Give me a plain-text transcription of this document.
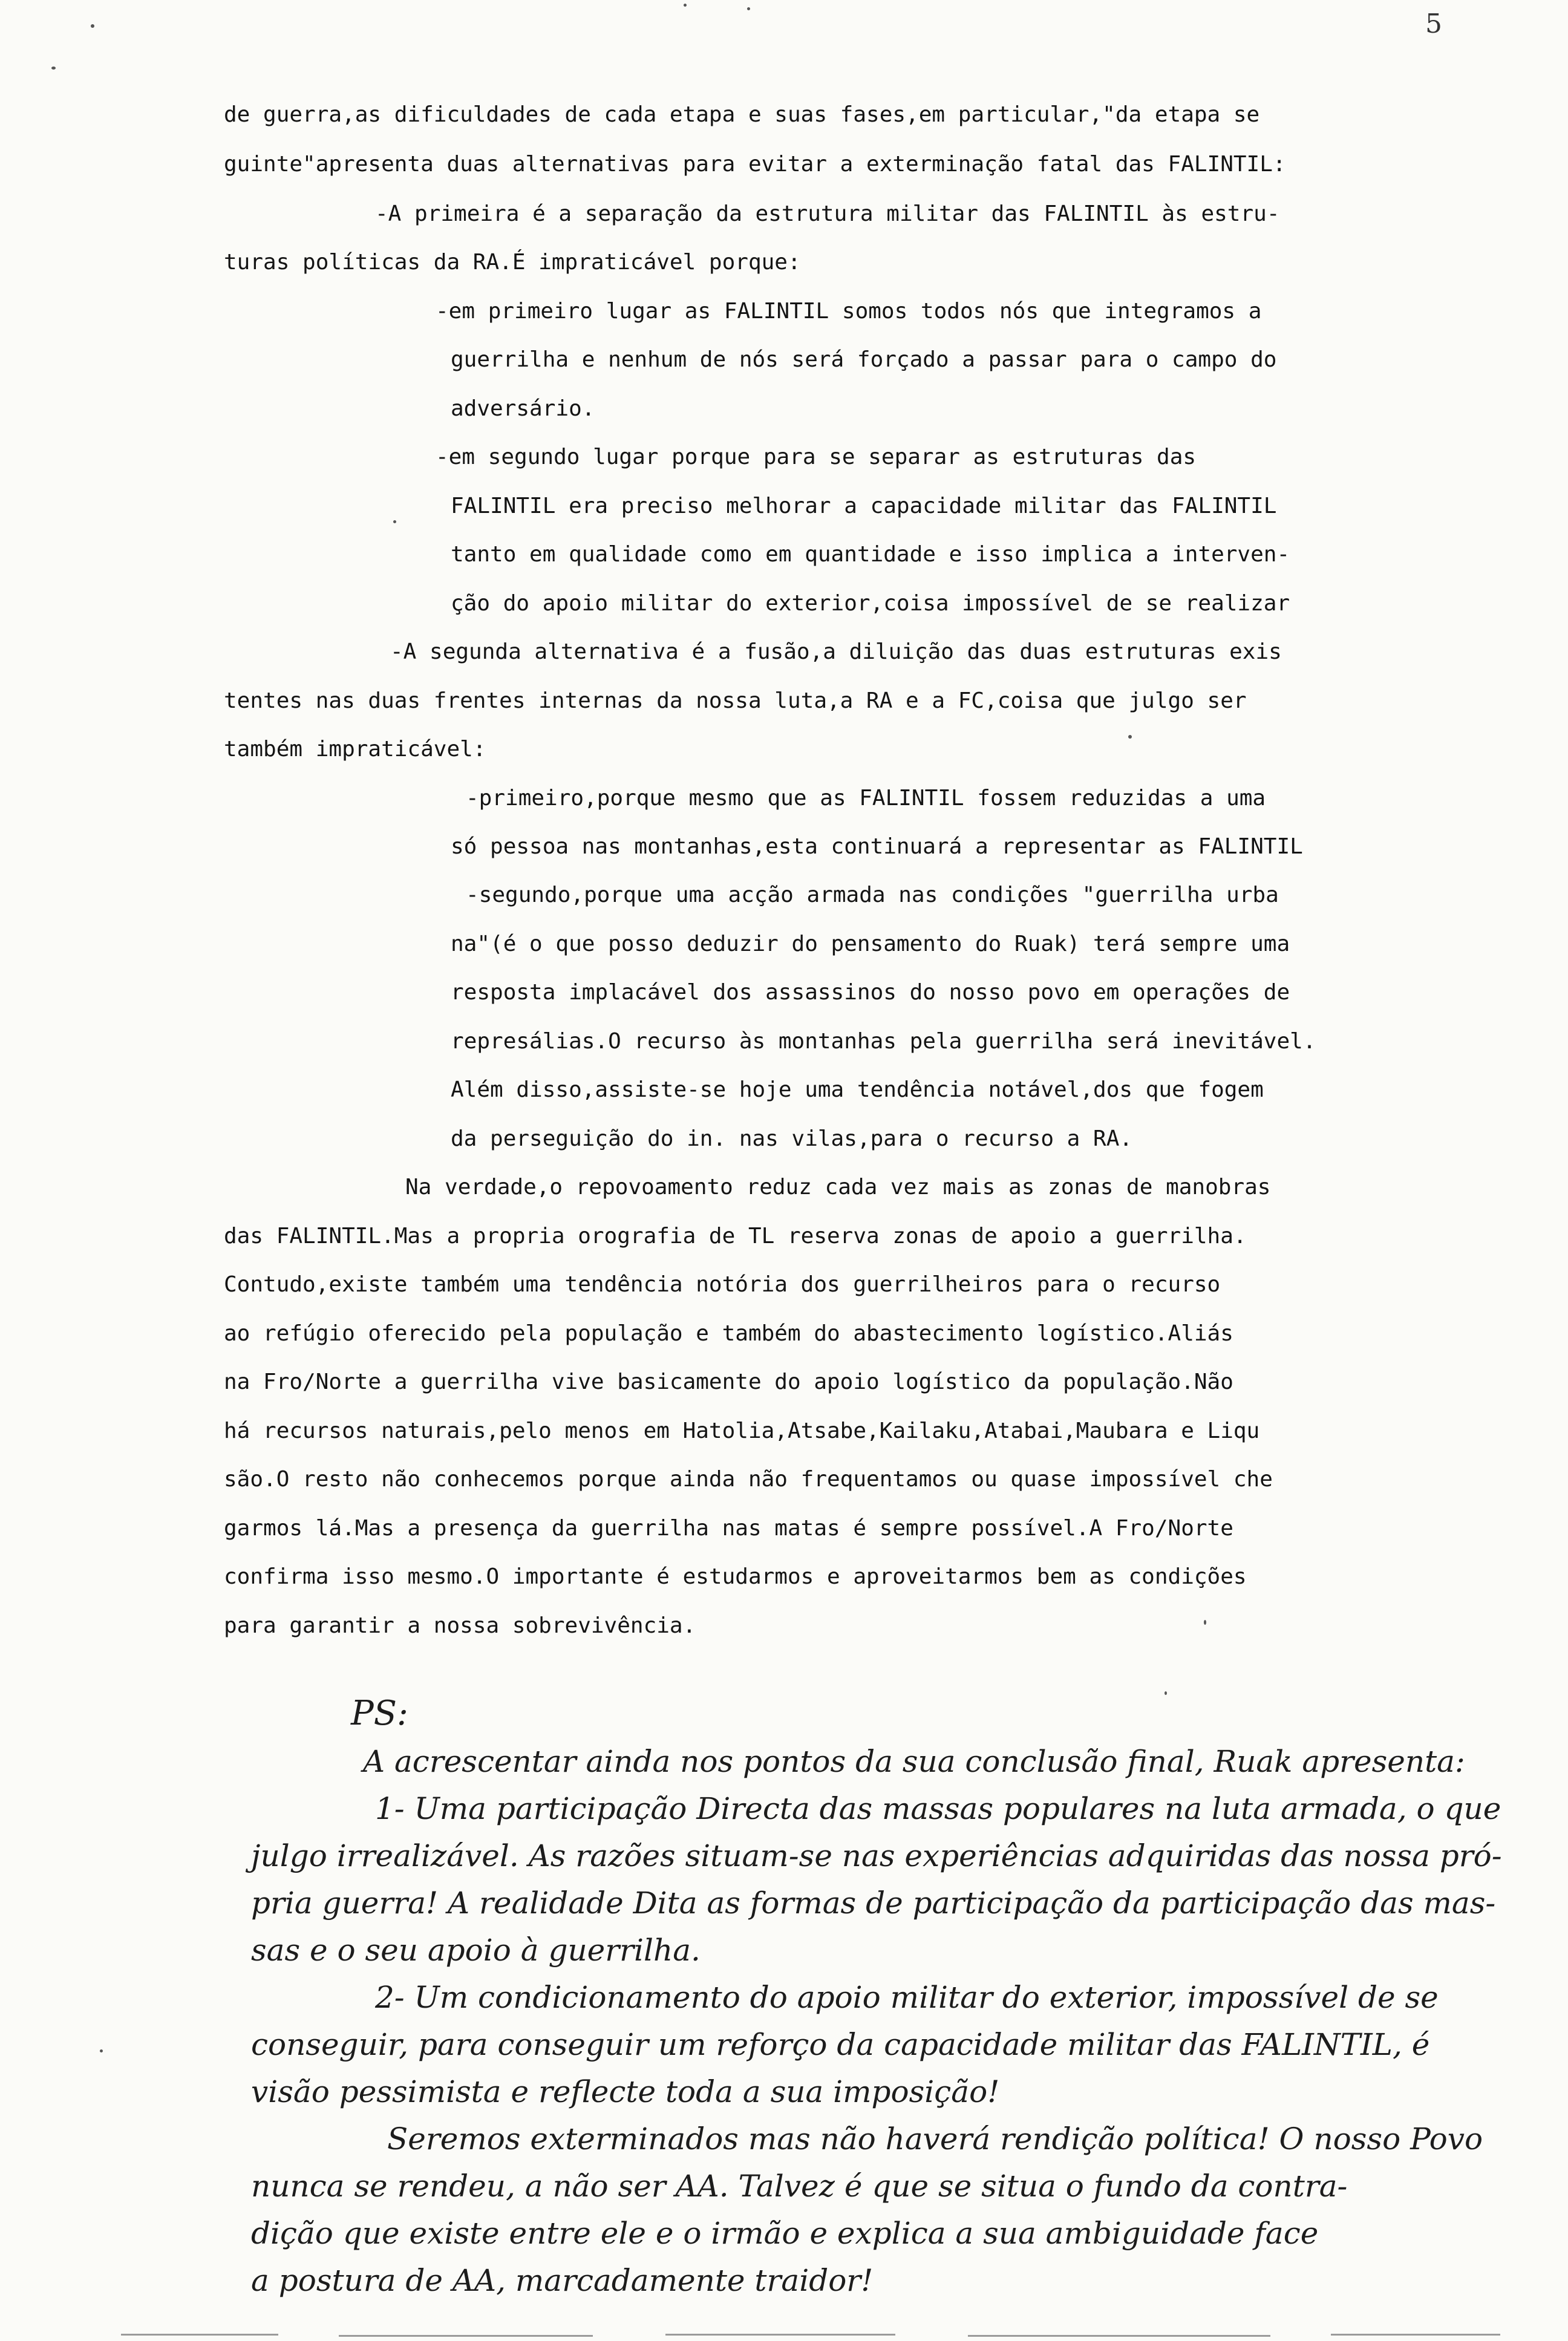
5
de guerra,as dificuldades de cada etapa e suas fases,em particular,"da etapa se
guinte"apresenta duas alternativas para evitar a exterminação fatal das FALINTIL:
-A primeira é a separação da estrutura militar das FALINTIL às estru-
turas políticas da RA.É impraticável porque:
-em primeiro lugar as FALINTIL somos todos nós que integramos a
guerrilha e nenhum de nós será forçado a passar para o campo do
adversário.
-em segundo lugar porque para se separar as estruturas das
FALINTIL era preciso melhorar a capacidade militar das FALINTIL
tanto em qualidade como em quantidade e isso implica a interven-
ção do apoio militar do exterior,coisa impossível de se realizar
-A segunda alternativa é a fusão,a diluição das duas estruturas exis
tentes nas duas frentes internas da nossa luta,a RA e a FC,coisa que julgo ser
também impraticável:
-primeiro,porque mesmo que as FALINTIL fossem reduzidas a uma
só pessoa nas montanhas,esta continuará a representar as FALINTIL
-segundo,porque uma acção armada nas condições "guerrilha urba
na"(é o que posso deduzir do pensamento do Ruak) terá sempre uma
resposta implacável dos assassinos do nosso povo em operações de
represálias.O recurso às montanhas pela guerrilha será inevitável.
Além disso,assiste-se hoje uma tendência notável,dos que fogem
da perseguição do in. nas vilas,para o recurso a RA.
Na verdade,o repovoamento reduz cada vez mais as zonas de manobras
das FALINTIL.Mas a propria orografia de TL reserva zonas de apoio a guerrilha.
Contudo,existe também uma tendência notória dos guerrilheiros para o recurso
ao refúgio oferecido pela população e também do abastecimento logístico.Aliás
na Fro/Norte a guerrilha vive basicamente do apoio logístico da população.Não
há recursos naturais,pelo menos em Hatolia,Atsabe,Kailaku,Atabai,Maubara e Liqu
são.O resto não conhecemos porque ainda não frequentamos ou quase impossível che
garmos lá.Mas a presença da guerrilha nas matas é sempre possível.A Fro/Norte
confirma isso mesmo.O importante é estudarmos e aproveitarmos bem as condições
para garantir a nossa sobrevivência.
PS:
A acrescentar ainda nos pontos da sua conclusão final, Ruak apresenta:
1- Uma participação Directa das massas populares na luta armada, o que
julgo irrealizável. As razões situam-se nas experiências adquiridas das nossa pró-
pria guerra! A realidade Dita as formas de participação da participação das mas-
sas e o seu apoio à guerrilha.
2- Um condicionamento do apoio militar do exterior, impossível de se
conseguir, para conseguir um reforço da capacidade militar das FALINTIL, é
visão pessimista e reflecte toda a sua imposição!
Seremos exterminados mas não haverá rendição política! O nosso Povo
nunca se rendeu, a não ser AA. Talvez é que se situa o fundo da contra-
dição que existe entre ele e o irmão e explica a sua ambiguidade face
a postura de AA, marcadamente traidor!
